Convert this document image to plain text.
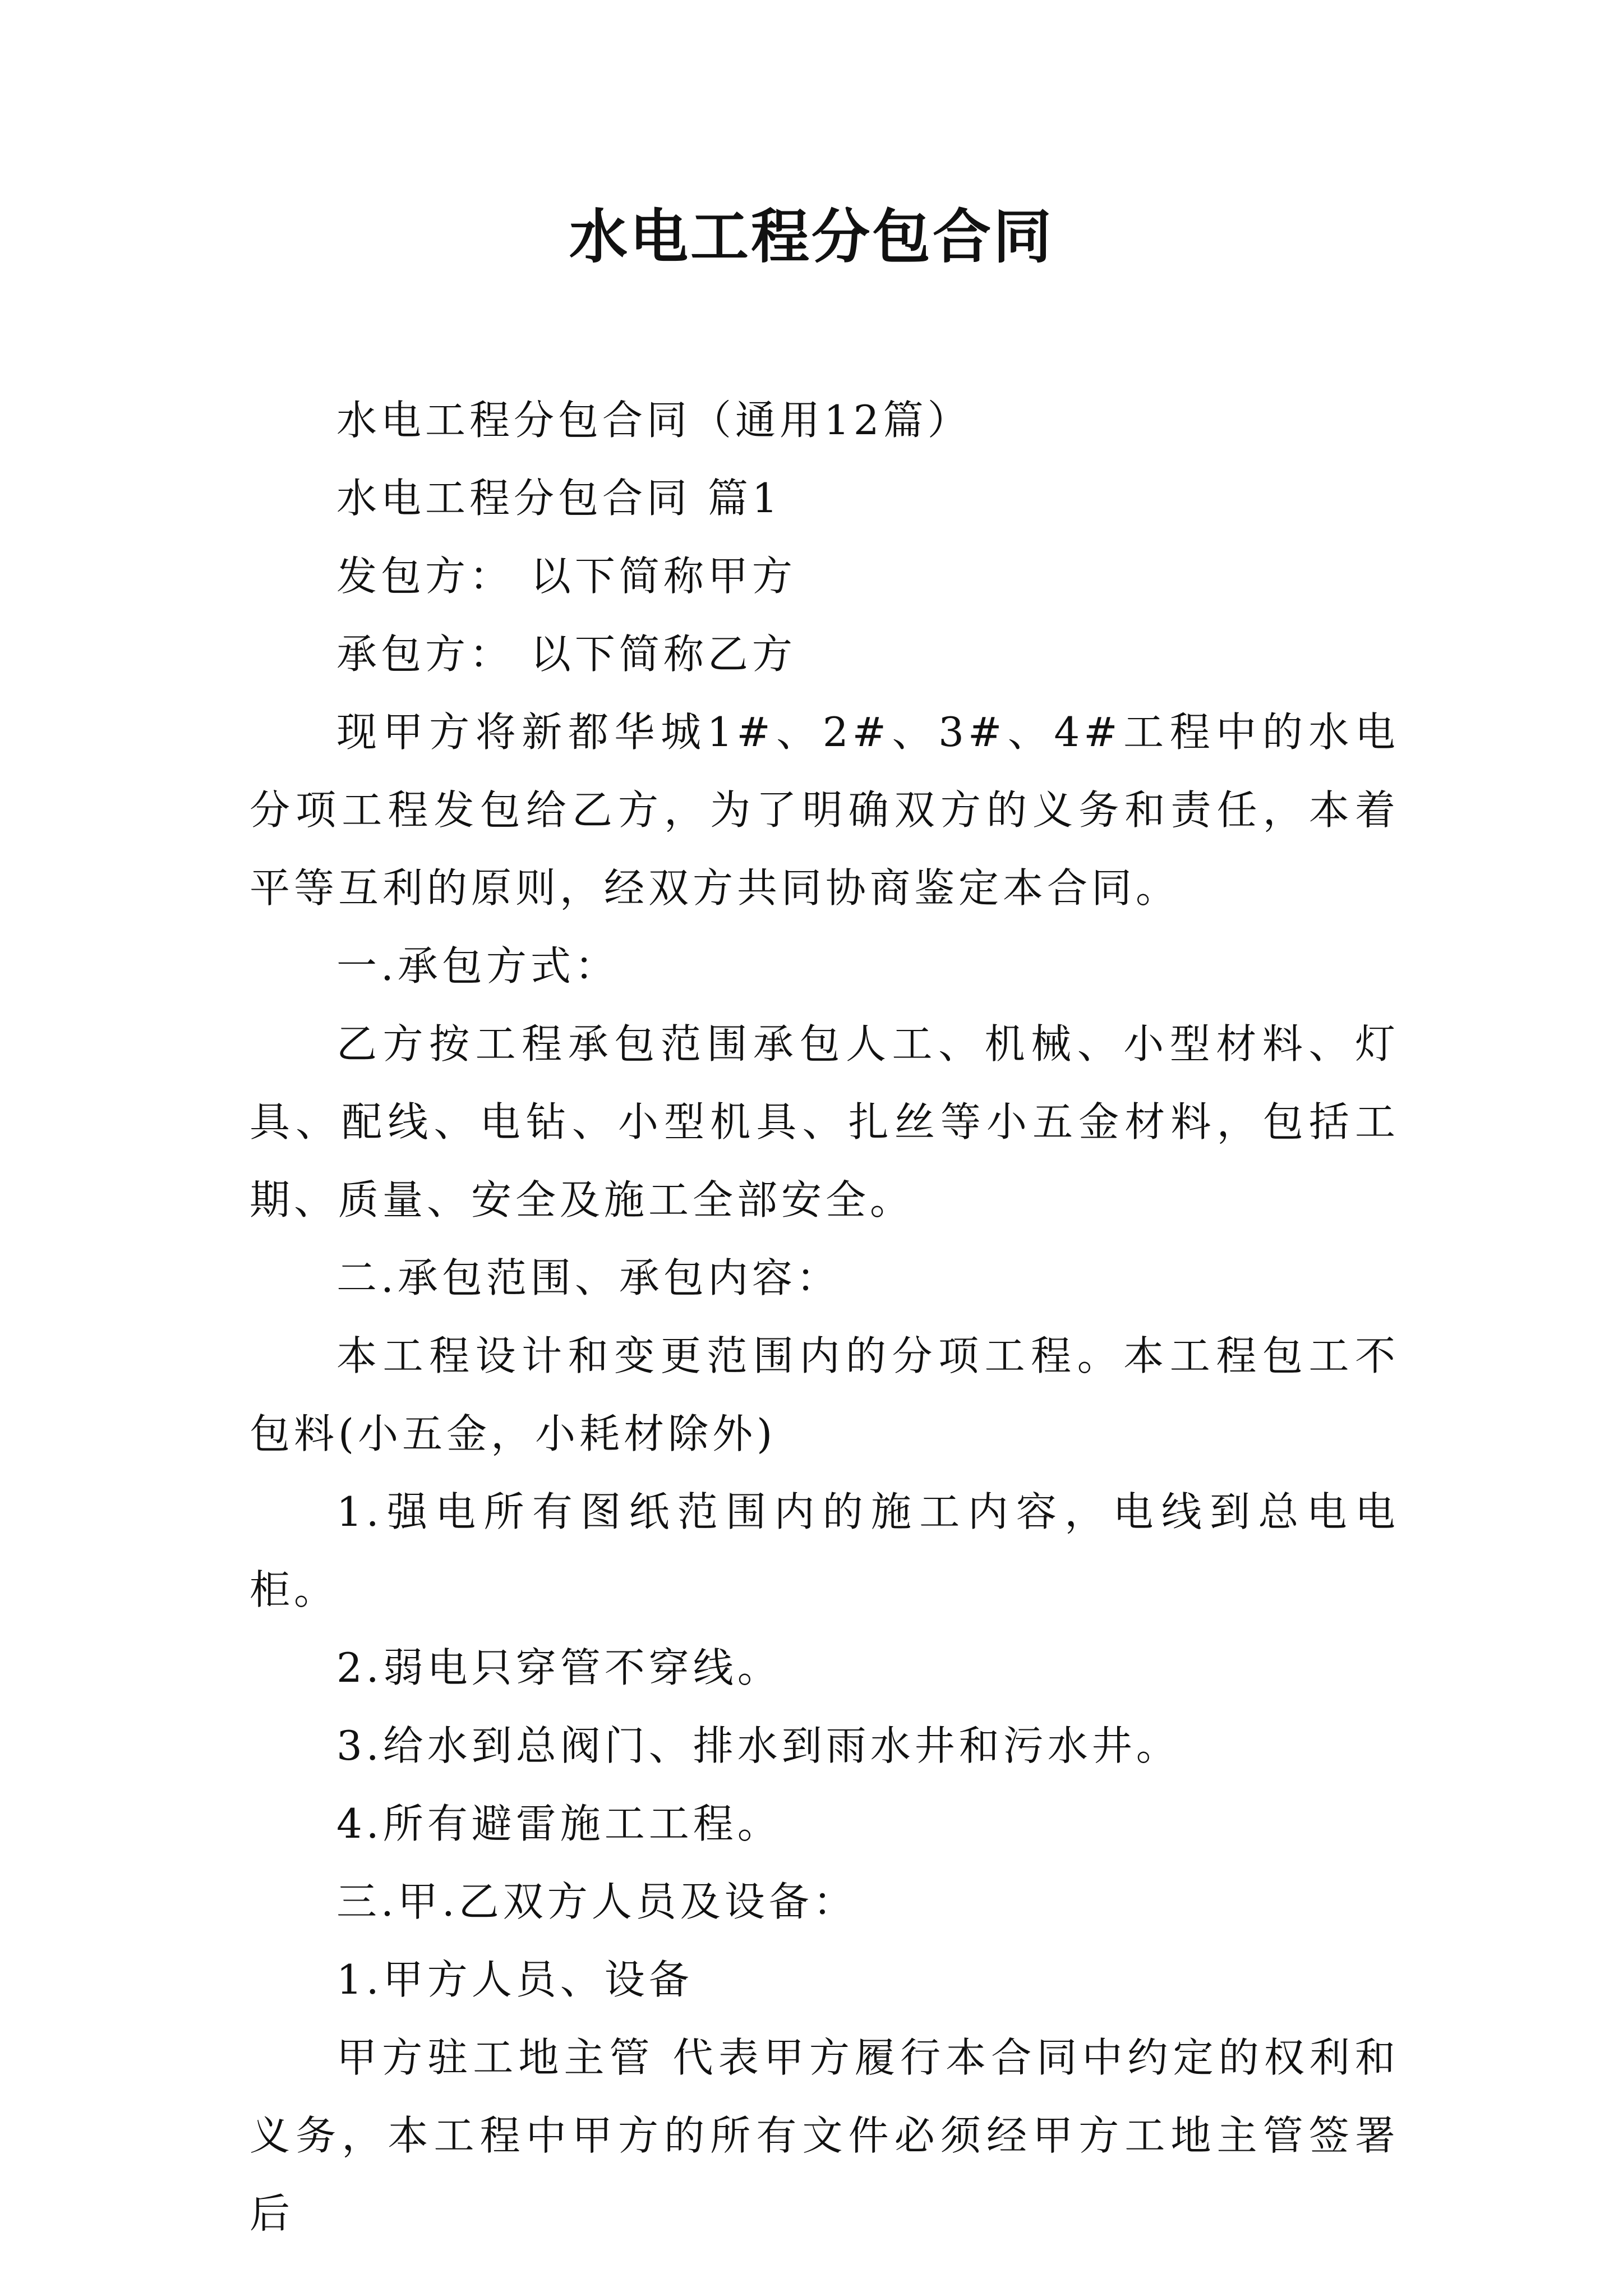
水电工程分包合同

水电工程分包合同（通用12篇）

水电工程分包合同 篇1

发包方： 以下简称甲方

承包方： 以下简称乙方

现甲方将新都华城1#、2#、3#、4#工程中的水电分项工程发包给乙方，为了明确双方的义务和责任，本着平等互利的原则，经双方共同协商鉴定本合同。

一.承包方式：

乙方按工程承包范围承包人工、机械、小型材料、灯具、配线、电钻、小型机具、扎丝等小五金材料，包括工期、质量、安全及施工全部安全。

二.承包范围、承包内容：

本工程设计和变更范围内的分项工程。本工程包工不包料(小五金，小耗材除外)

1.强电所有图纸范围内的施工内容，电线到总电电柜。

2.弱电只穿管不穿线。

3.给水到总阀门、排水到雨水井和污水井。

4.所有避雷施工工程。

三.甲.乙双方人员及设备：

1.甲方人员、设备

甲方驻工地主管 代表甲方履行本合同中约定的权利和义务，本工程中甲方的所有文件必须经甲方工地主管签署后
